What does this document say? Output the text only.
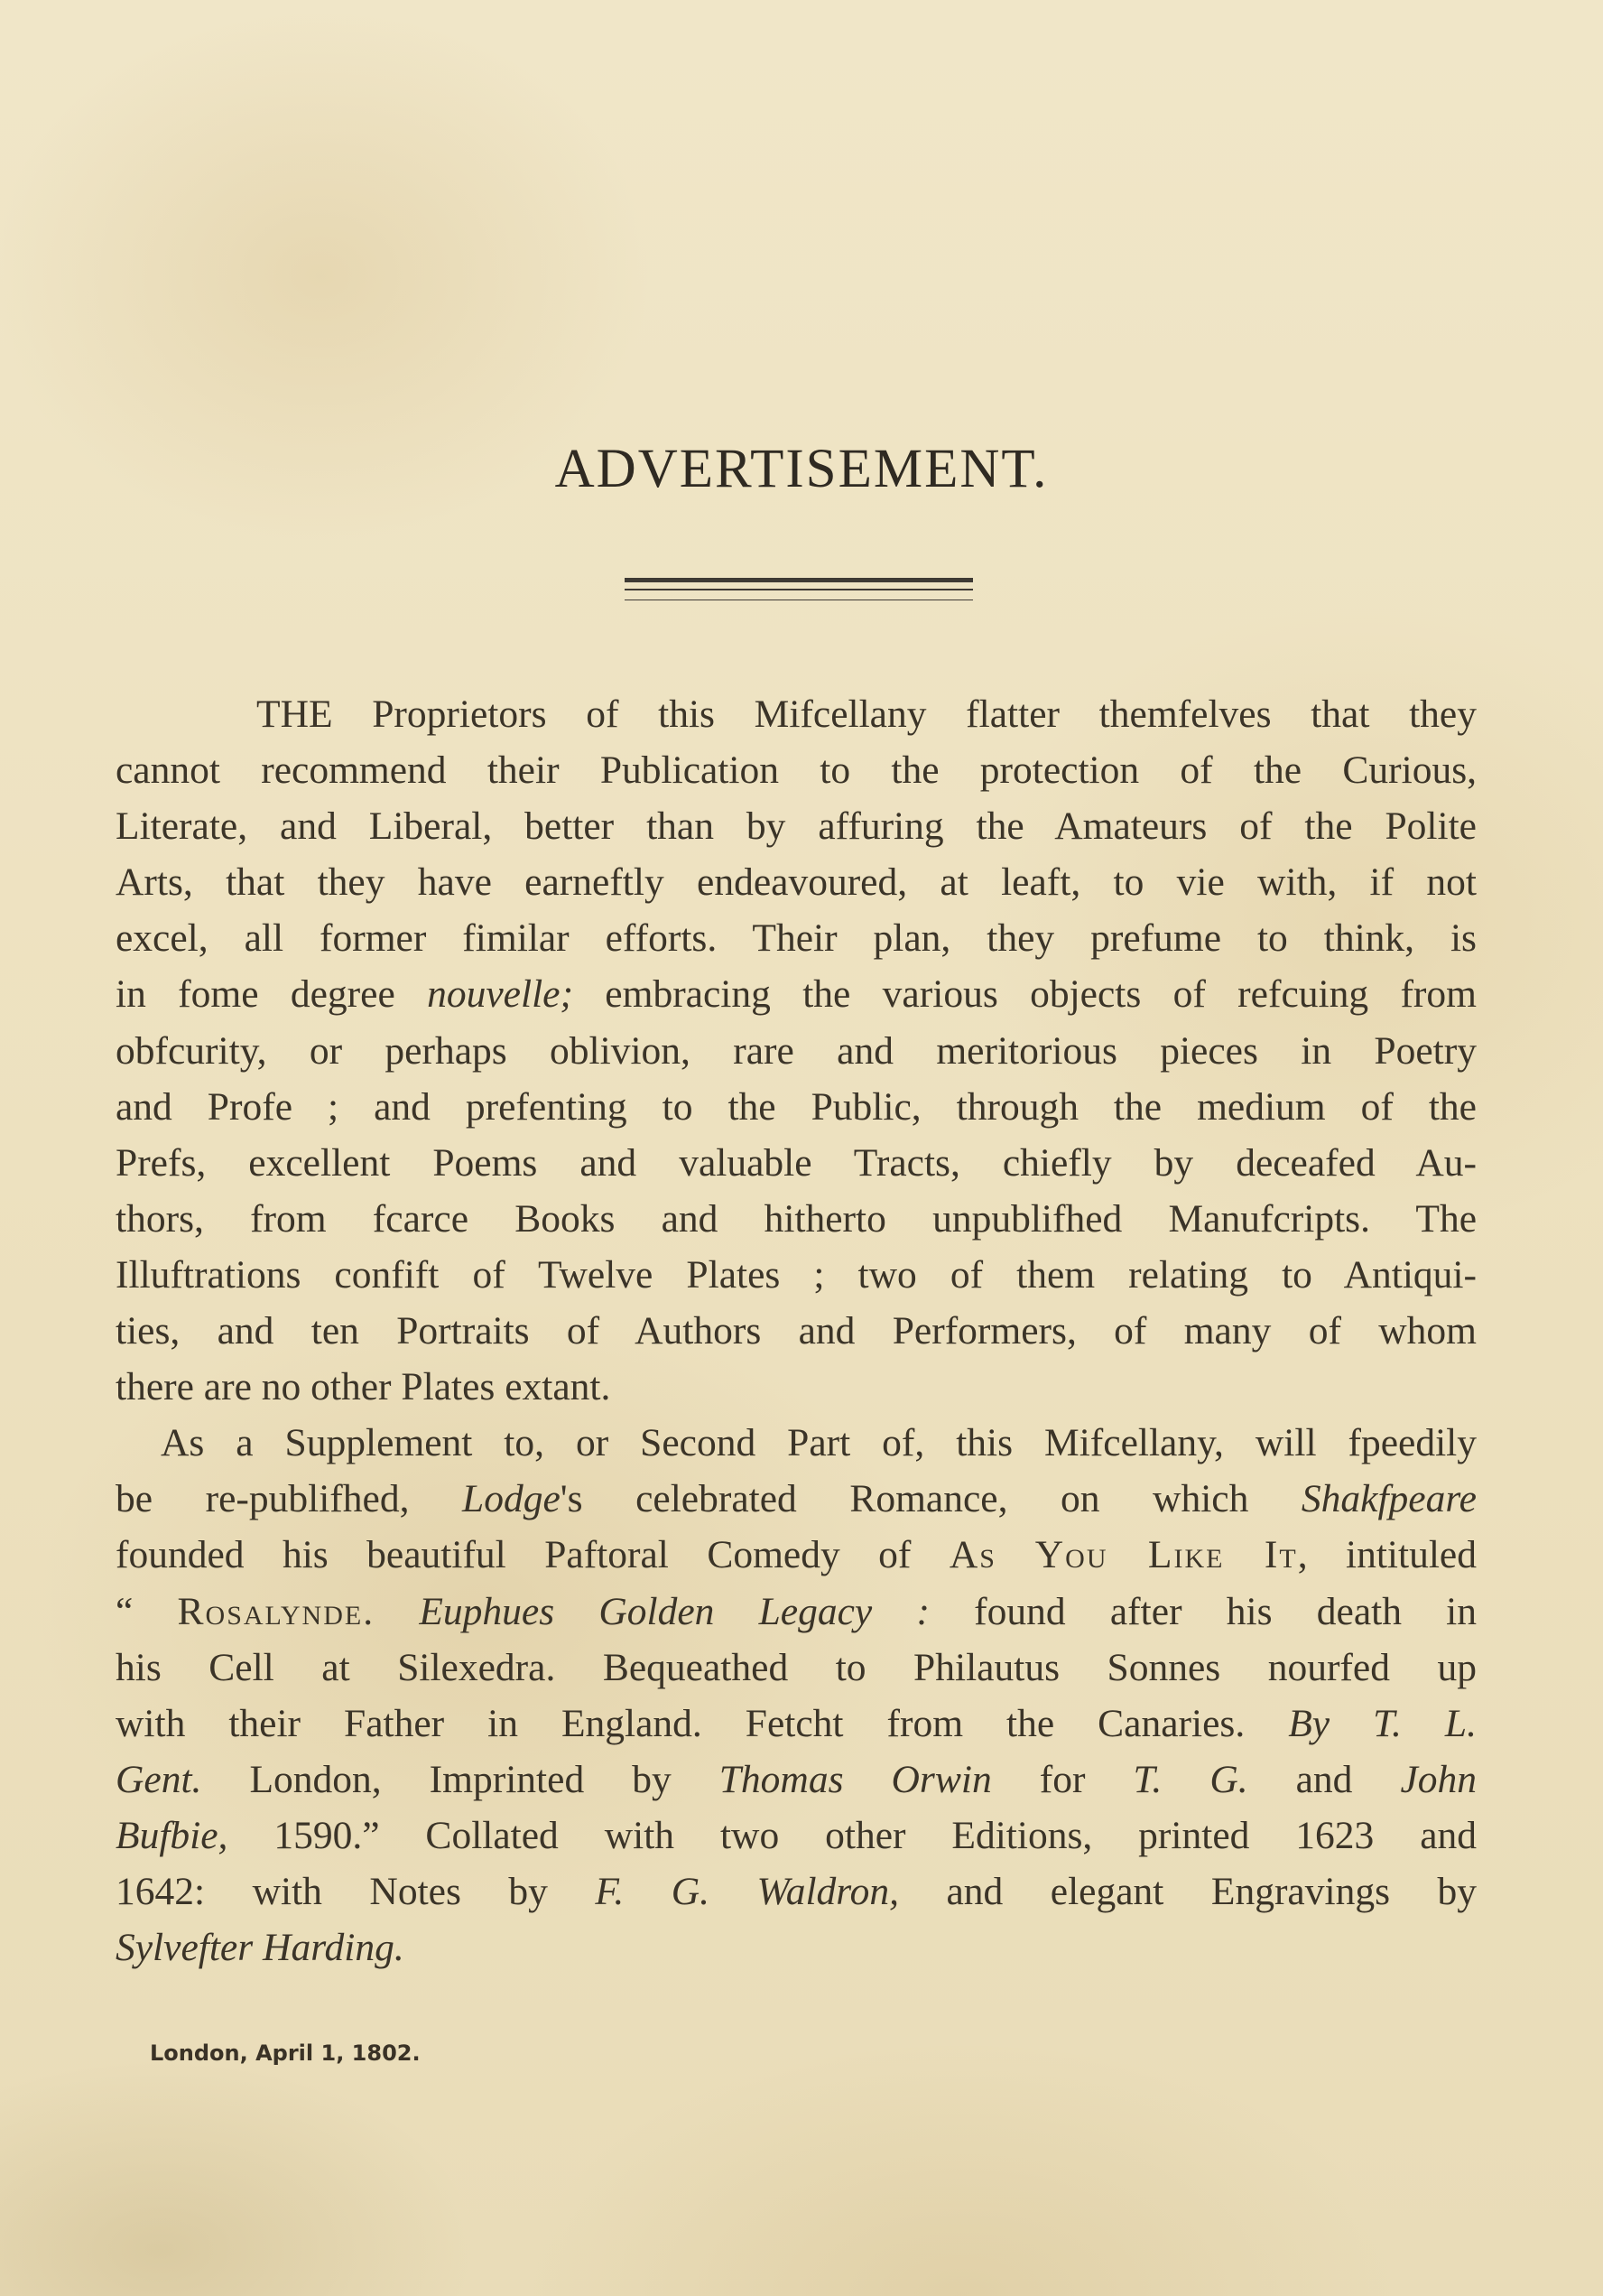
ADVERTISEMENT.
THE Proprietors of this Mifcellany flatter themfelves that they
cannot recommend their Publication to the protection of the Curious,
Literate, and Liberal, better than by affuring the Amateurs of the Polite
Arts, that they have earneftly endeavoured, at leaft, to vie with, if not
excel, all former fimilar efforts. Their plan, they prefume to think, is
in fome degree nouvelle; embracing the various objects of refcuing from
obfcurity, or perhaps oblivion, rare and meritorious pieces in Poetry
and Profe ; and prefenting to the Public, through the medium of the
Prefs, excellent Poems and valuable Tracts, chiefly by deceafed Au-
thors, from fcarce Books and hitherto unpublifhed Manufcripts. The
Illuftrations confift of Twelve Plates ; two of them relating to Antiqui-
ties, and ten Portraits of Authors and Performers, of many of whom
there are no other Plates extant.
As a Supplement to, or Second Part of, this Mifcellany, will fpeedily
be re-publifhed, Lodge's celebrated Romance, on which Shakfpeare
founded his beautiful Paftoral Comedy of As You Like It, intituled
“ Rosalynde. Euphues Golden Legacy : found after his death in
his Cell at Silexedra. Bequeathed to Philautus Sonnes nourfed up
with their Father in England. Fetcht from the Canaries. By T. L.
Gent. London, Imprinted by Thomas Orwin for T. G. and John
Bufbie, 1590.” Collated with two other Editions, printed 1623 and
1642: with Notes by F. G. Waldron, and elegant Engravings by
Sylvefter Harding.
London, April 1, 1802.
